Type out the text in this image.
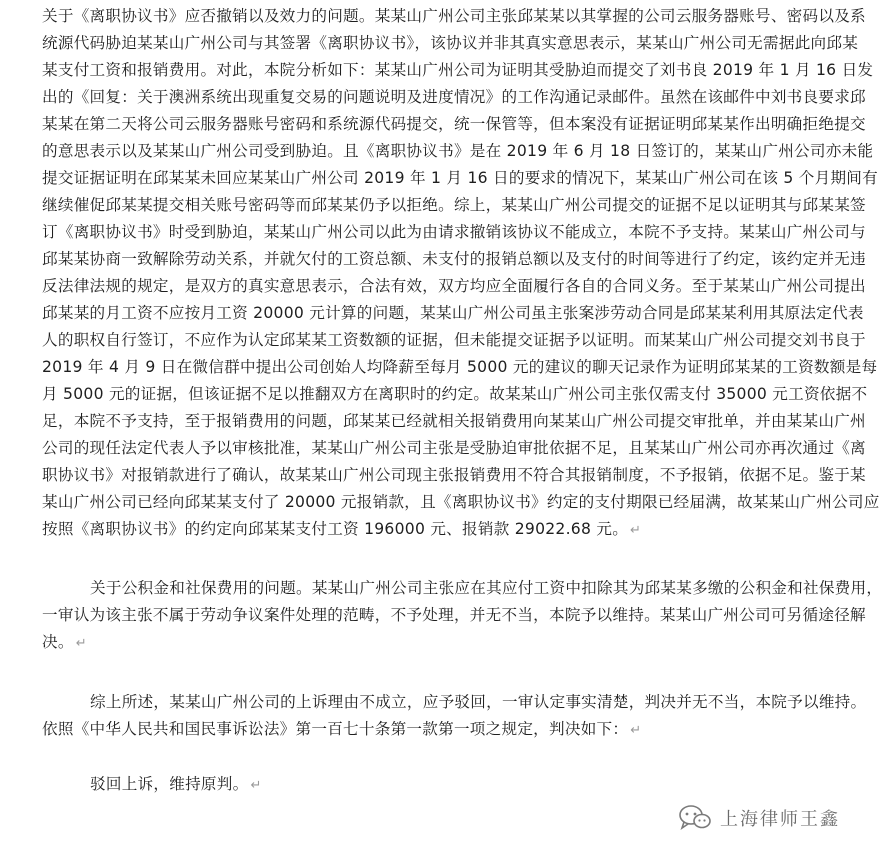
关于《离职协议书》应否撤销以及效力的问题。某某山广州公司主张邱某某以其掌握的公司云服务器账号、密码以及系
统源代码胁迫某某山广州公司与其签署《离职协议书》，该协议并非其真实意思表示，某某山广州公司无需据此向邱某
某支付工资和报销费用。对此，本院分析如下：某某山广州公司为证明其受胁迫而提交了刘书良 2019 年 1 月 16 日发
出的《回复：关于澳洲系统出现重复交易的问题说明及进度情况》的工作沟通记录邮件。虽然在该邮件中刘书良要求邱
某某在第二天将公司云服务器账号密码和系统源代码提交，统一保管等，但本案没有证据证明邱某某作出明确拒绝提交
的意思表示以及某某山广州公司受到胁迫。且《离职协议书》是在 2019 年 6 月 18 日签订的，某某山广州公司亦未能
提交证据证明在邱某某未回应某某山广州公司 2019 年 1 月 16 日的要求的情况下，某某山广州公司在该 5 个月期间有
继续催促邱某某提交相关账号密码等而邱某某仍予以拒绝。综上，某某山广州公司提交的证据不足以证明其与邱某某签
订《离职协议书》时受到胁迫，某某山广州公司以此为由请求撤销该协议不能成立，本院不予支持。某某山广州公司与
邱某某协商一致解除劳动关系，并就欠付的工资总额、未支付的报销总额以及支付的时间等进行了约定，该约定并无违
反法律法规的规定，是双方的真实意思表示，合法有效，双方均应全面履行各自的合同义务。至于某某山广州公司提出
邱某某的月工资不应按月工资 20000 元计算的问题，某某山广州公司虽主张案涉劳动合同是邱某某利用其原法定代表
人的职权自行签订，不应作为认定邱某某工资数额的证据，但未能提交证据予以证明。而某某山广州公司提交刘书良于
2019 年 4 月 9 日在微信群中提出公司创始人均降薪至每月 5000 元的建议的聊天记录作为证明邱某某的工资数额是每
月 5000 元的证据，但该证据不足以推翻双方在离职时的约定。故某某山广州公司主张仅需支付 35000 元工资依据不
足，本院不予支持，至于报销费用的问题，邱某某已经就相关报销费用向某某山广州公司提交审批单，并由某某山广州
公司的现任法定代表人予以审核批准，某某山广州公司主张是受胁迫审批依据不足，且某某山广州公司亦再次通过《离
职协议书》对报销款进行了确认，故某某山广州公司现主张报销费用不符合其报销制度，不予报销，依据不足。鉴于某
某山广州公司已经向邱某某支付了 20000 元报销款，且《离职协议书》约定的支付期限已经届满，故某某山广州公司应
按照《离职协议书》的约定向邱某某支付工资 196000 元、报销款 29022.68 元。 ↵
关于公积金和社保费用的问题。某某山广州公司主张应在其应付工资中扣除其为邱某某多缴的公积金和社保费用，
一审认为该主张不属于劳动争议案件处理的范畴，不予处理，并无不当，本院予以维持。某某山广州公司可另循途径解
决。 ↵
综上所述，某某山广州公司的上诉理由不成立，应予驳回，一审认定事实清楚，判决并无不当，本院予以维持。
依照《中华人民共和国民事诉讼法》第一百七十条第一款第一项之规定，判决如下： ↵
驳回上诉，维持原判。 ↵
上海律师王鑫
